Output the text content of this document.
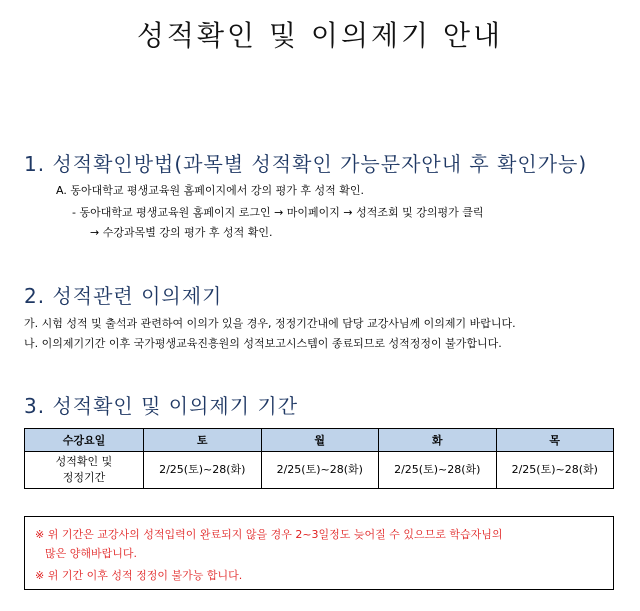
성적확인 및 이의제기 안내
1. 성적확인방법(과목별 성적확인 가능문자안내 후 확인가능)
A. 동아대학교 평생교육원 홈페이지에서 강의 평가 후 성적 확인.
- 동아대학교 평생교육원 홈페이지 로그인 → 마이페이지 → 성적조회 및 강의평가 클릭
→ 수강과목별 강의 평가 후 성적 확인.
2. 성적관련 이의제기
가. 시험 성적 및 출석과 관련하여 이의가 있을 경우, 정정기간내에 담당 교강사님께 이의제기 바랍니다.
나. 이의제기기간 이후 국가평생교육진흥원의 성적보고시스템이 종료되므로 성적정정이 불가합니다.
3. 성적확인 및 이의제기 기간
수강요일	토	월	화	목

성적확인 및
정정기간	2/25(토)~28(화)	2/25(토)~28(화)	2/25(토)~28(화)	2/25(토)~28(화)
※ 위 기간은 교강사의 성적입력이 완료되지 않을 경우 2~3일정도 늦어질 수 있으므로 학습자님의
많은 양해바랍니다.
※ 위 기간 이후 성적 정정이 불가능 합니다.
